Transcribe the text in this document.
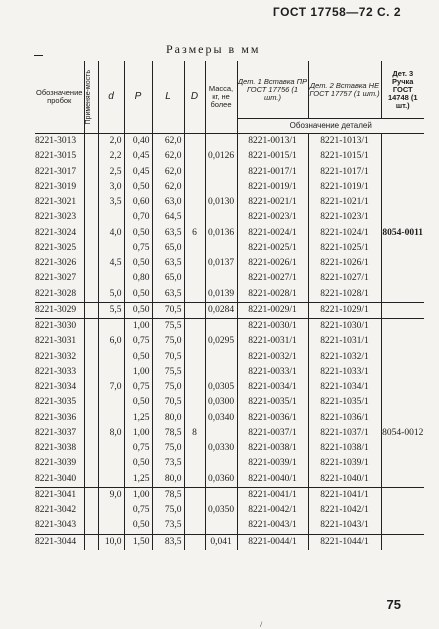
ГОСТ 17758—72 С. 2
Размеры в мм
Обозначение пробок	Применяе-мость	d	P	L	D	Масса, кг, не более	Дет. 1 Вставка ПР ГОСТ 17756 (1 шт.)	Дет. 2 Вставка НЕ ГОСТ 17757 (1 шт.)	Дет. 3 Ручка ГОСТ 14748 (1 шт.)
							Обозначение деталей		
8221-3013		2,0	0,40	62,0			8221-0013/1	8221-1013/1	
8221-3015		2,2	0,45	62,0		0,0126	8221-0015/1	8221-1015/1	
8221-3017		2,5	0,45	62,0			8221-0017/1	8221-1017/1	
8221-3019		3,0	0,50	62,0			8221-0019/1	8221-1019/1	
8221-3021		3,5	0,60	63,0		0,0130	8221-0021/1	8221-1021/1	
8221-3023			0,70	64,5			8221-0023/1	8221-1023/1	
8221-3024		4,0	0,50	63,5	6	0,0136	8221-0024/1	8221-1024/1	8054-0011
8221-3025			0,75	65,0			8221-0025/1	8221-1025/1	
8221-3026		4,5	0,50	63,5		0,0137	8221-0026/1	8221-1026/1	
8221-3027			0,80	65,0			8221-0027/1	8221-1027/1	
8221-3028		5,0	0,50	63,5		0,0139	8221-0028/1	8221-1028/1	
8221-3029		5,5	0,50	70,5		0,0284	8221-0029/1	8221-1029/1	
8221-3030			1,00	75,5			8221-0030/1	8221-1030/1	
8221-3031		6,0	0,75	75,0		0,0295	8221-0031/1	8221-1031/1	
8221-3032			0,50	70,5			8221-0032/1	8221-1032/1	
8221-3033			1,00	75,5			8221-0033/1	8221-1033/1	
8221-3034		7,0	0,75	75,0		0,0305	8221-0034/1	8221-1034/1	
8221-3035			0,50	70,5		0,0300	8221-0035/1	8221-1035/1	
8221-3036			1,25	80,0		0,0340	8221-0036/1	8221-1036/1	
8221-3037		8,0	1,00	78,5	8		8221-0037/1	8221-1037/1	8054-0012
8221-3038			0,75	75,0		0,0330	8221-0038/1	8221-1038/1	
8221-3039			0,50	73,5			8221-0039/1	8221-1039/1	
8221-3040			1,25	80,0		0,0360	8221-0040/1	8221-1040/1	
8221-3041		9,0	1,00	78,5			8221-0041/1	8221-1041/1	
8221-3042			0,75	75,0		0,0350	8221-0042/1	8221-1042/1	
8221-3043			0,50	73,5			8221-0043/1	8221-1043/1	
8221-3044		10,0	1,50	83,5		0,041	8221-0044/1	8221-1044/1	
75
/
